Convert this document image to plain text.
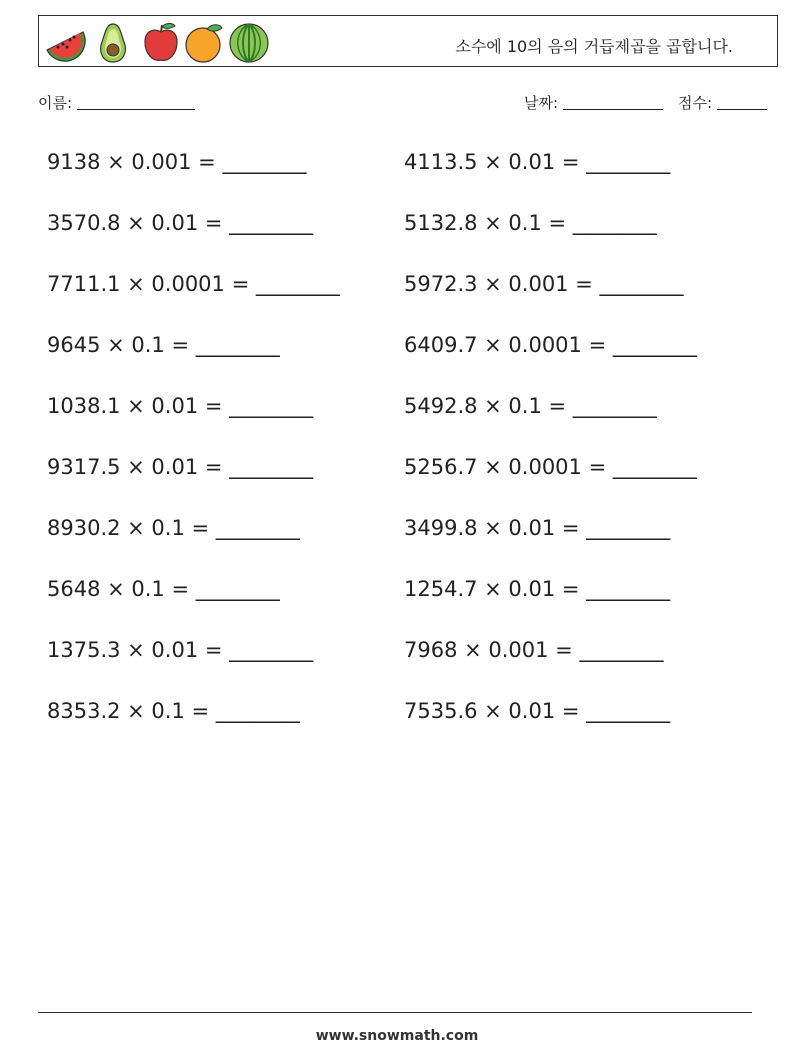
소수에 10의 음의 거듭제곱을 곱합니다.
이름:	날짜:	점수:
9138 × 0.001 = ________	4113.5 × 0.01 = ________
3570.8 × 0.01 = ________	5132.8 × 0.1 = ________
7711.1 × 0.0001 = ________	5972.3 × 0.001 = ________
9645 × 0.1 = ________	6409.7 × 0.0001 = ________
1038.1 × 0.01 = ________	5492.8 × 0.1 = ________
9317.5 × 0.01 = ________	5256.7 × 0.0001 = ________
8930.2 × 0.1 = ________	3499.8 × 0.01 = ________
5648 × 0.1 = ________	1254.7 × 0.01 = ________
1375.3 × 0.01 = ________	7968 × 0.001 = ________
8353.2 × 0.1 = ________	7535.6 × 0.01 = ________
www.snowmath.com
